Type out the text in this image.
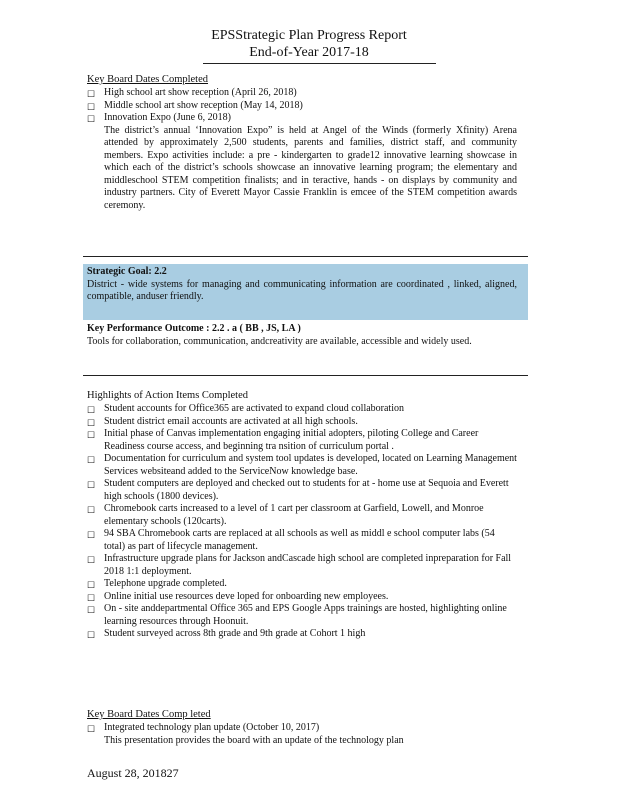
EPSStrategic Plan Progress Report
End-of-Year 2017-18
Key Board Dates Completed
☐ High school art show reception (April 26, 2018)
☐ Middle school art show reception (May 14, 2018)
☐ Innovation Expo (June 6, 2018)
The district’s annual ‘Innovation Expo” is held at Angel of the Winds (formerly Xfinity) Arena attended by approximately 2,500 students, parents and families, district staff, and community members. Expo activities include: a pre - kindergarten to grade12 innovative learning showcase in which each of the district’s schools showcase an innovative learning program; the elementary and middleschool STEM competition finalists; and in teractive, hands - on displays by community and industry partners. City of Everett Mayor Cassie Franklin is emcee of the STEM competition awards ceremony.
Strategic Goal: 2.2
District - wide systems for managing and communicating information are coordinated , linked, aligned, compatible, anduser friendly.
Key Performance Outcome : 2.2 . a ( BB , JS, LA )
Tools for collaboration, communication, andcreativity are available, accessible and widely used.
Highlights of Action Items Completed
☐ Student accounts for Office365 are activated to expand cloud collaboration
☐ Student district email accounts are activated at all high schools.
☐ Initial phase of Canvas implementation engaging initial adopters, piloting College and Career Readiness course access, and beginning tra nsition of curriculum portal .
☐ Documentation for curriculum and system tool updates is developed, located on Learning Management Services websiteand added to the ServiceNow knowledge base.
☐ Student computers are deployed and checked out to students for at - home use at Sequoia and Everett high schools (1800 devices).
☐ Chromebook carts increased to a level of 1 cart per classroom at Garfield, Lowell, and Monroe elementary schools (120carts).
☐ 94 SBA Chromebook carts are replaced at all schools as well as middl e school computer labs (54 total) as part of lifecycle management.
☐ Infrastructure upgrade plans for Jackson andCascade high school are completed inpreparation for Fall 2018 1:1 deployment.
☐ Telephone upgrade completed.
☐ Online initial use resources deve loped for onboarding new employees.
☐ On - site anddepartmental Office 365 and EPS Google Apps trainings are hosted, highlighting online learning resources through Hoonuit.
☐ Student surveyed across 8th grade and 9th grade at Cohort 1 high
Key Board Dates Comp leted
☐ Integrated technology plan update (October 10, 2017)
This presentation provides the board with an update of the technology plan
August 28, 201827
